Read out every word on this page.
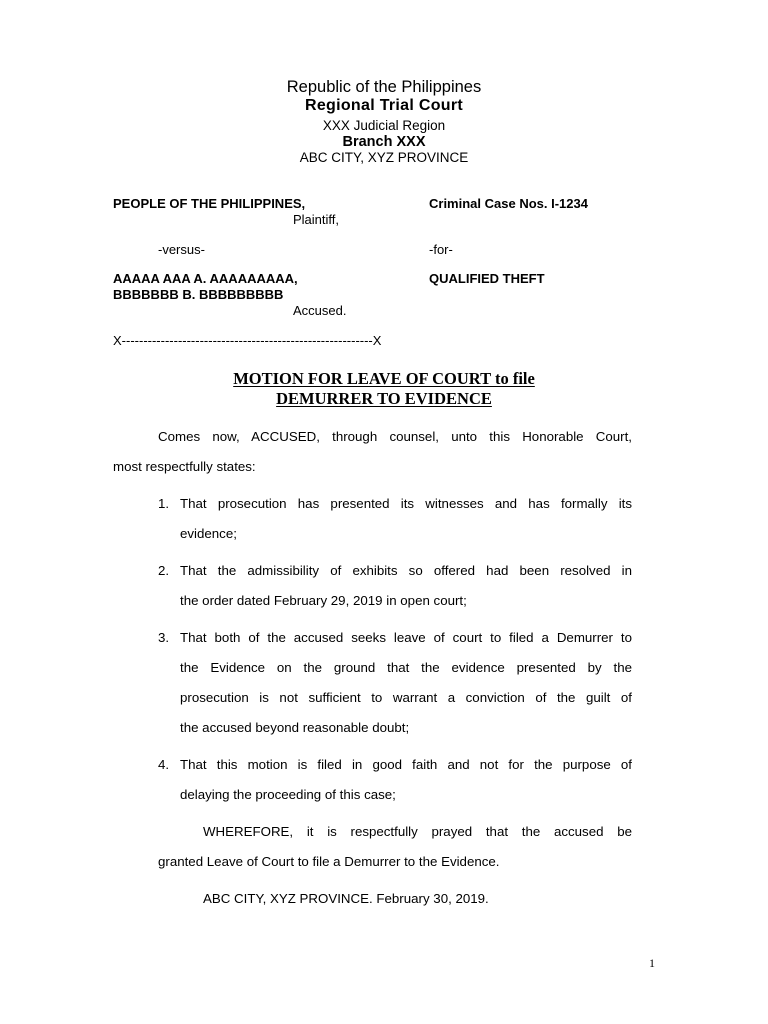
Republic of the Philippines
Regional Trial Court
XXX Judicial Region
Branch XXX
ABC CITY, XYZ PROVINCE
PEOPLE OF THE PHILIPPINES,
Plaintiff,
-versus-
AAAAA AAA A. AAAAAAAAA,
BBBBBBB B. BBBBBBBBB
Accused.
Criminal Case Nos. I-1234
-for-
QUALIFIED THEFT
X----------------------------------------------------------X
MOTION FOR LEAVE OF COURT to file
DEMURRER TO EVIDENCE
Comes now, ACCUSED, through counsel, unto this Honorable Court,
most respectfully states:
1. That prosecution has presented its witnesses and has formally its
evidence;
2. That the admissibility of exhibits so offered had been resolved in
the order dated February 29, 2019 in open court;
3. That both of the accused seeks leave of court to filed a Demurrer to
the Evidence on the ground that the evidence presented by the
prosecution is not sufficient to warrant a conviction of the guilt of
the accused beyond reasonable doubt;
4. That this motion is filed in good faith and not for the purpose of
delaying the proceeding of this case;
WHEREFORE, it is respectfully prayed that the accused be
granted Leave of Court to file a Demurrer to the Evidence.
ABC CITY, XYZ PROVINCE. February 30, 2019.
1
